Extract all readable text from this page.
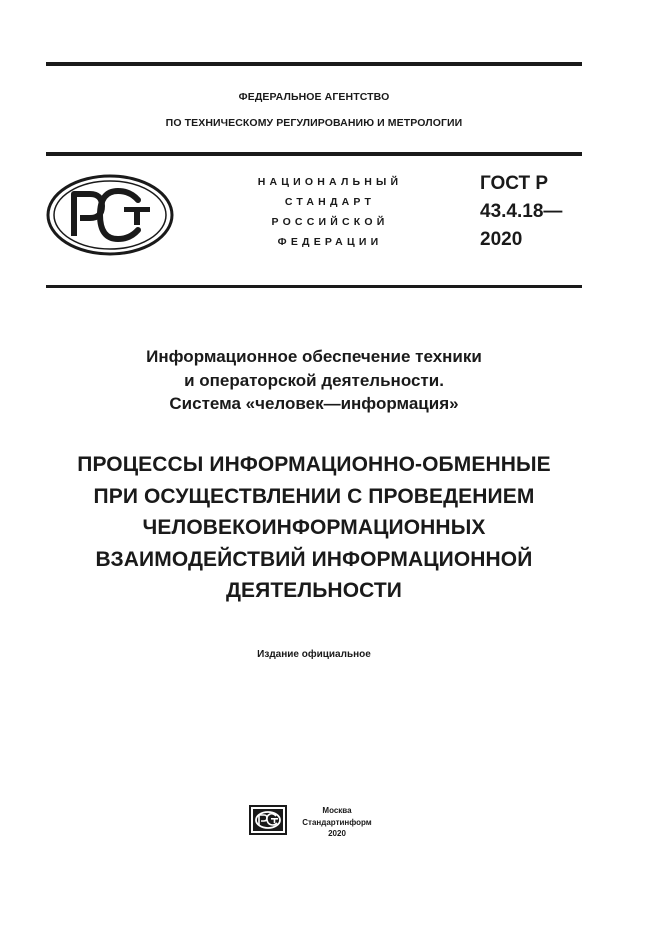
ФЕДЕРАЛЬНОЕ АГЕНТСТВО
ПО ТЕХНИЧЕСКОМУ РЕГУЛИРОВАНИЮ И МЕТРОЛОГИИ
НАЦИОНАЛЬНЫЙ
СТАНДАРТ
РОССИЙСКОЙ
ФЕДЕРАЦИИ
ГОСТ Р
43.4.18—
2020
Информационное обеспечение техники
и операторской деятельности.
Система «человек—информация»
ПРОЦЕССЫ ИНФОРМАЦИОННО-ОБМЕННЫЕ
ПРИ ОСУЩЕСТВЛЕНИИ С ПРОВЕДЕНИЕМ
ЧЕЛОВЕКОИНФОРМАЦИОННЫХ
ВЗАИМОДЕЙСТВИЙ ИНФОРМАЦИОННОЙ
ДЕЯТЕЛЬНОСТИ
Издание официальное
Москва
Стандартинформ
2020
